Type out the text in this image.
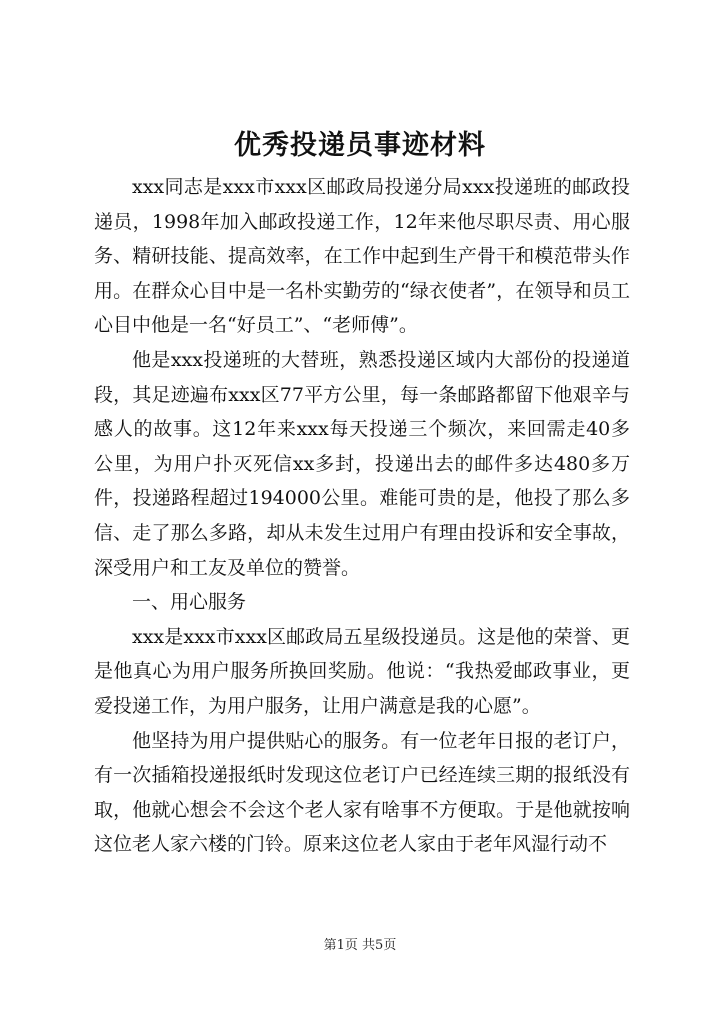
优秀投递员事迹材料

xxx同志是xxx市xxx区邮政局投递分局xxx投递班的邮政投递员，1998年加入邮政投递工作，12年来他尽职尽责、用心服务、精研技能、提高效率，在工作中起到生产骨干和模范带头作用。在群众心目中是一名朴实勤劳的“绿衣使者”，在领导和员工心目中他是一名“好员工”、“老师傅”。

他是xxx投递班的大替班，熟悉投递区域内大部份的投递道段，其足迹遍布xxx区77平方公里，每一条邮路都留下他艰辛与感人的故事。这12年来xxx每天投递三个频次，来回需走40多公里，为用户扑灭死信xx多封，投递出去的邮件多达480多万件，投递路程超过194000公里。难能可贵的是，他投了那么多信、走了那么多路，却从未发生过用户有理由投诉和安全事故，深受用户和工友及单位的赞誉。

一、用心服务

xxx是xxx市xxx区邮政局五星级投递员。这是他的荣誉、更是他真心为用户服务所换回奖励。他说：“我热爱邮政事业，更爱投递工作，为用户服务，让用户满意是我的心愿”。

他坚持为用户提供贴心的服务。有一位老年日报的老订户，有一次插箱投递报纸时发现这位老订户已经连续三期的报纸没有取，他就心想会不会这个老人家有啥事不方便取。于是他就按响这位老人家六楼的门铃。原来这位老人家由于老年风湿行动不

第1页 共5页
